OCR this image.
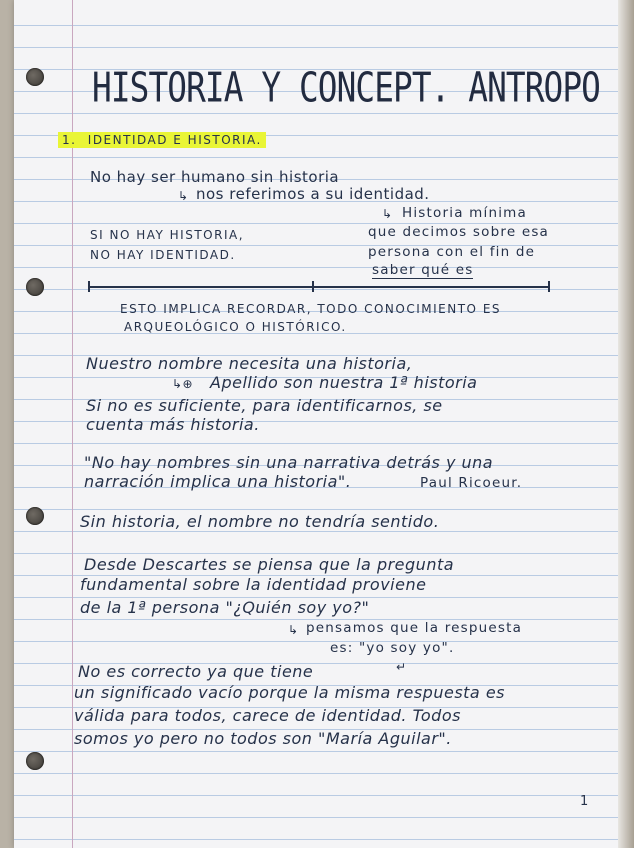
HISTORIA Y CONCEPT. ANTROPO
1. IDENTIDAD E HISTORIA.
No hay ser humano sin historia
↳ nos referimos a su identidad.
↳ Historia mínima
SI NO HAY HISTORIA,	que decimos sobre esa
NO HAY IDENTIDAD.	persona con el fin de
saber qué es
ESTO IMPLICA RECORDAR, TODO CONOCIMIENTO ES
ARQUEOLÓGICO O HISTÓRICO.
Nuestro nombre necesita una historia,
↳⊕ Apellido son nuestra 1ª historia
Si no es suficiente, para identificarnos, se
cuenta más historia.
"No hay nombres sin una narrativa detrás y una
narración implica una historia".	Paul Ricoeur.
Sin historia, el nombre no tendría sentido.
Desde Descartes se piensa que la pregunta
fundamental sobre la identidad proviene
de la 1ª persona "¿Quién soy yo?"
↳ pensamos que la respuesta
es: "yo soy yo".
↵
No es correcto ya que tiene
un significado vacío porque la misma respuesta es
válida para todos, carece de identidad. Todos
somos yo pero no todos son "María Aguilar".
1
